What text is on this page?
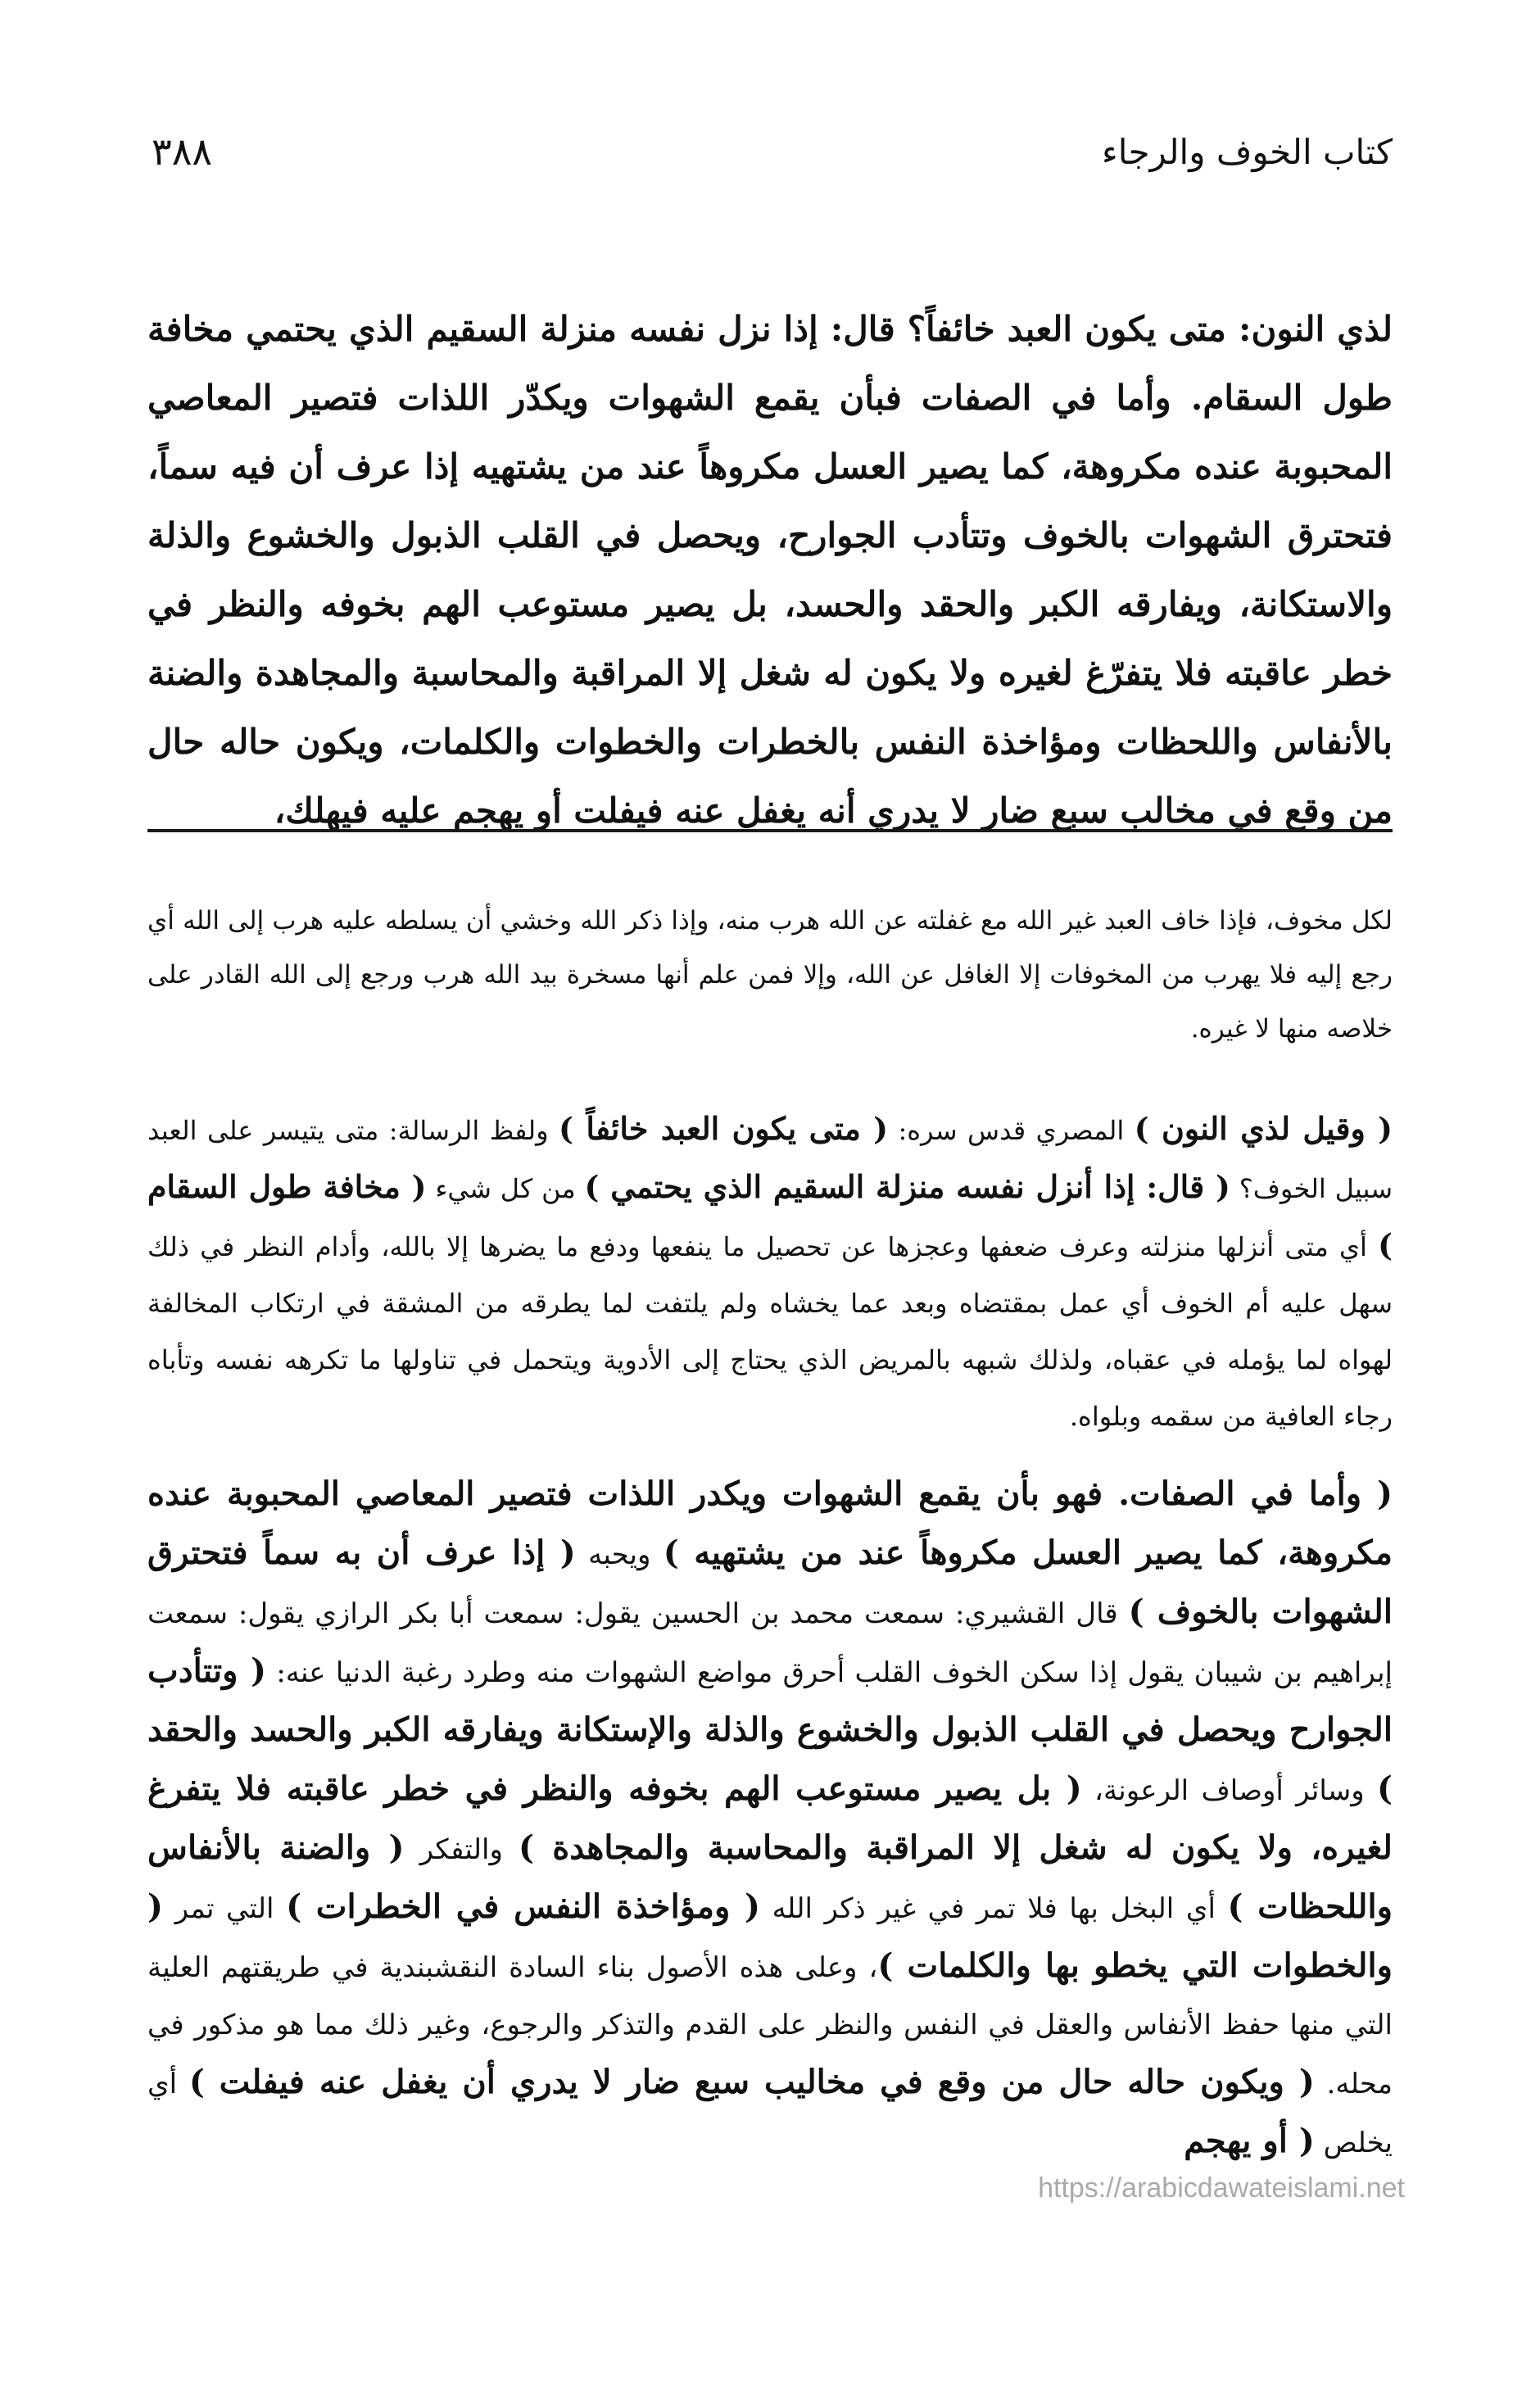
كتاب الخوف والرجاء
٣٨٨

لذي النون: متى يكون العبد خائفاً؟ قال: إذا نزل نفسه منزلة السقيم الذي يحتمي مخافة طول السقام. وأما في الصفات فبأن يقمع الشهوات ويكدّر اللذات فتصير المعاصي المحبوبة عنده مكروهة، كما يصير العسل مكروهاً عند من يشتهيه إذا عرف أن فيه سماً، فتحترق الشهوات بالخوف وتتأدب الجوارح، ويحصل في القلب الذبول والخشوع والذلة والاستكانة، ويفارقه الكبر والحقد والحسد، بل يصير مستوعب الهم بخوفه والنظر في خطر عاقبته فلا يتفرّغ لغيره ولا يكون له شغل إلا المراقبة والمحاسبة والمجاهدة والضنة بالأنفاس واللحظات ومؤاخذة النفس بالخطرات والخطوات والكلمات، ويكون حاله حال من وقع في مخالب سبع ضار لا يدري أنه يغفل عنه فيفلت أو يهجم عليه فيهلك،

لكل مخوف، فإذا خاف العبد غير الله مع غفلته عن الله هرب منه، وإذا ذكر الله وخشي أن يسلطه عليه هرب إلى الله أي رجع إليه فلا يهرب من المخوفات إلا الغافل عن الله، وإلا فمن علم أنها مسخرة بيد الله هرب ورجع إلى الله القادر على خلاصه منها لا غيره.

( وقيل لذي النون ) المصري قدس سره: ( متى يكون العبد خائفاً ) ولفظ الرسالة: متى يتيسر على العبد سبيل الخوف؟ ( قال: إذا أنزل نفسه منزلة السقيم الذي يحتمي ) من كل شيء ( مخافة طول السقام ) أي متى أنزلها منزلته وعرف ضعفها وعجزها عن تحصيل ما ينفعها ودفع ما يضرها إلا بالله، وأدام النظر في ذلك سهل عليه أم الخوف أي عمل بمقتضاه وبعد عما يخشاه ولم يلتفت لما يطرقه من المشقة في ارتكاب المخالفة لهواه لما يؤمله في عقباه، ولذلك شبهه بالمريض الذي يحتاج إلى الأدوية ويتحمل في تناولها ما تكرهه نفسه وتأباه رجاء العافية من سقمه وبلواه.

( وأما في الصفات. فهو بأن يقمع الشهوات ويكدر اللذات فتصير المعاصي المحبوبة عنده مكروهة، كما يصير العسل مكروهاً عند من يشتهيه ) ويحبه ( إذا عرف أن به سماً فتحترق الشهوات بالخوف ) قال القشيري: سمعت محمد بن الحسين يقول: سمعت أبا بكر الرازي يقول: سمعت إبراهيم بن شيبان يقول إذا سكن الخوف القلب أحرق مواضع الشهوات منه وطرد رغبة الدنيا عنه: ( وتتأدب الجوارح ويحصل في القلب الذبول والخشوع والذلة والإستكانة ويفارقه الكبر والحسد والحقد ) وسائر أوصاف الرعونة، ( بل يصير مستوعب الهم بخوفه والنظر في خطر عاقبته فلا يتفرغ لغيره، ولا يكون له شغل إلا المراقبة والمحاسبة والمجاهدة ) والتفكر ( والضنة بالأنفاس واللحظات ) أي البخل بها فلا تمر في غير ذكر الله ( ومؤاخذة النفس في الخطرات ) التي تمر ( والخطوات التي يخطو بها والكلمات )، وعلى هذه الأصول بناء السادة النقشبندية في طريقتهم العلية التي منها حفظ الأنفاس والعقل في النفس والنظر على القدم والتذكر والرجوع، وغير ذلك مما هو مذكور في محله. ( ويكون حاله حال من وقع في مخاليب سبع ضار لا يدري أن يغفل عنه فيفلت ) أي يخلص ( أو يهجم

https://arabicdawateislami.net
